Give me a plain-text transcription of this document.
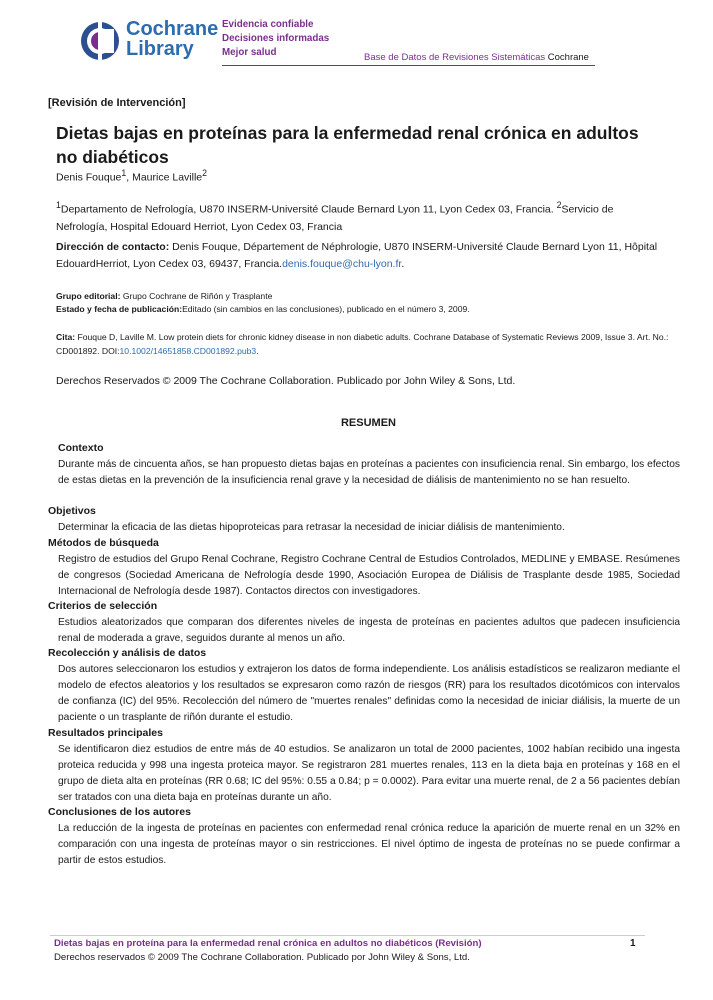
Cochrane
Library
Evidencia confiable
Decisiones informadas
Mejor salud	Base de Datos de Revisiones Sistemáticas Cochrane
[Revisión de Intervención]
Dietas bajas en proteínas para la enfermedad renal crónica en adultos no diabéticos
Denis Fouque$^1$, Maurice Laville$^2$
$^1$Departamento de Nefrología, U870 INSERM-Université Claude Bernard Lyon 11, Lyon Cedex 03, Francia. $^2$Servicio de Nefrología, Hospital Edouard Herriot, Lyon Cedex 03, Francia
Dirección de contacto: Denis Fouque, Département de Néphrologie, U870 INSERM-Université Claude Bernard Lyon 11, Hôpital EdouardHerriot, Lyon Cedex 03, 69437, Francia.denis.fouque@chu-lyon.fr.
Grupo editorial: Grupo Cochrane de Riñón y Trasplante
Estado y fecha de publicación:Editado (sin cambios en las conclusiones), publicado en el número 3, 2009.
Cita: Fouque D, Laville M. Low protein diets for chronic kidney disease in non diabetic adults. Cochrane Database of Systematic Reviews 2009, Issue 3. Art. No.: CD001892. DOI:10.1002/14651858.CD001892.pub3.
Derechos Reservados © 2009 The Cochrane Collaboration. Publicado por John Wiley & Sons, Ltd.
RESUMEN
Contexto
Durante más de cincuenta años, se han propuesto dietas bajas en proteínas a pacientes con insuficiencia renal. Sin embargo, los efectos de estas dietas en la prevención de la insuficiencia renal grave y la necesidad de diálisis de mantenimiento no se han resuelto.
Objetivos
Determinar la eficacia de las dietas hipoproteicas para retrasar la necesidad de iniciar diálisis de mantenimiento.
Métodos de búsqueda
Registro de estudios del Grupo Renal Cochrane, Registro Cochrane Central de Estudios Controlados, MEDLINE y EMBASE. Resúmenes de congresos (Sociedad Americana de Nefrología desde 1990, Asociación Europea de Diálisis de Trasplante desde 1985, Sociedad Internacional de Nefrología desde 1987). Contactos directos con investigadores.
Criterios de selección
Estudios aleatorizados que comparan dos diferentes niveles de ingesta de proteínas en pacientes adultos que padecen insuficiencia renal de moderada a grave, seguidos durante al menos un año.
Recolección y análisis de datos
Dos autores seleccionaron los estudios y extrajeron los datos de forma independiente. Los análisis estadísticos se realizaron mediante el modelo de efectos aleatorios y los resultados se expresaron como razón de riesgos (RR) para los resultados dicotómicos con intervalos de confianza (IC) del 95%. Recolección del número de "muertes renales" definidas como la necesidad de iniciar diálisis, la muerte de un paciente o un trasplante de riñón durante el estudio.
Resultados principales
Se identificaron diez estudios de entre más de 40 estudios. Se analizaron un total de 2000 pacientes, 1002 habían recibido una ingesta proteica reducida y 998 una ingesta proteica mayor. Se registraron 281 muertes renales, 113 en la dieta baja en proteínas y 168 en el grupo de dieta alta en proteínas (RR 0.68; IC del 95%: 0.55 a 0.84; p = 0.0002). Para evitar una muerte renal, de 2 a 56 pacientes debían ser tratados con una dieta baja en proteínas durante un año.
Conclusiones de los autores
La reducción de la ingesta de proteínas en pacientes con enfermedad renal crónica reduce la aparición de muerte renal en un 32% en comparación con una ingesta de proteínas mayor o sin restricciones. El nivel óptimo de ingesta de proteínas no se puede confirmar a partir de estos estudios.
Dietas bajas en proteína para la enfermedad renal crónica en adultos no diabéticos (Revisión)	1
Derechos reservados © 2009 The Cochrane Collaboration. Publicado por John Wiley & Sons, Ltd.
